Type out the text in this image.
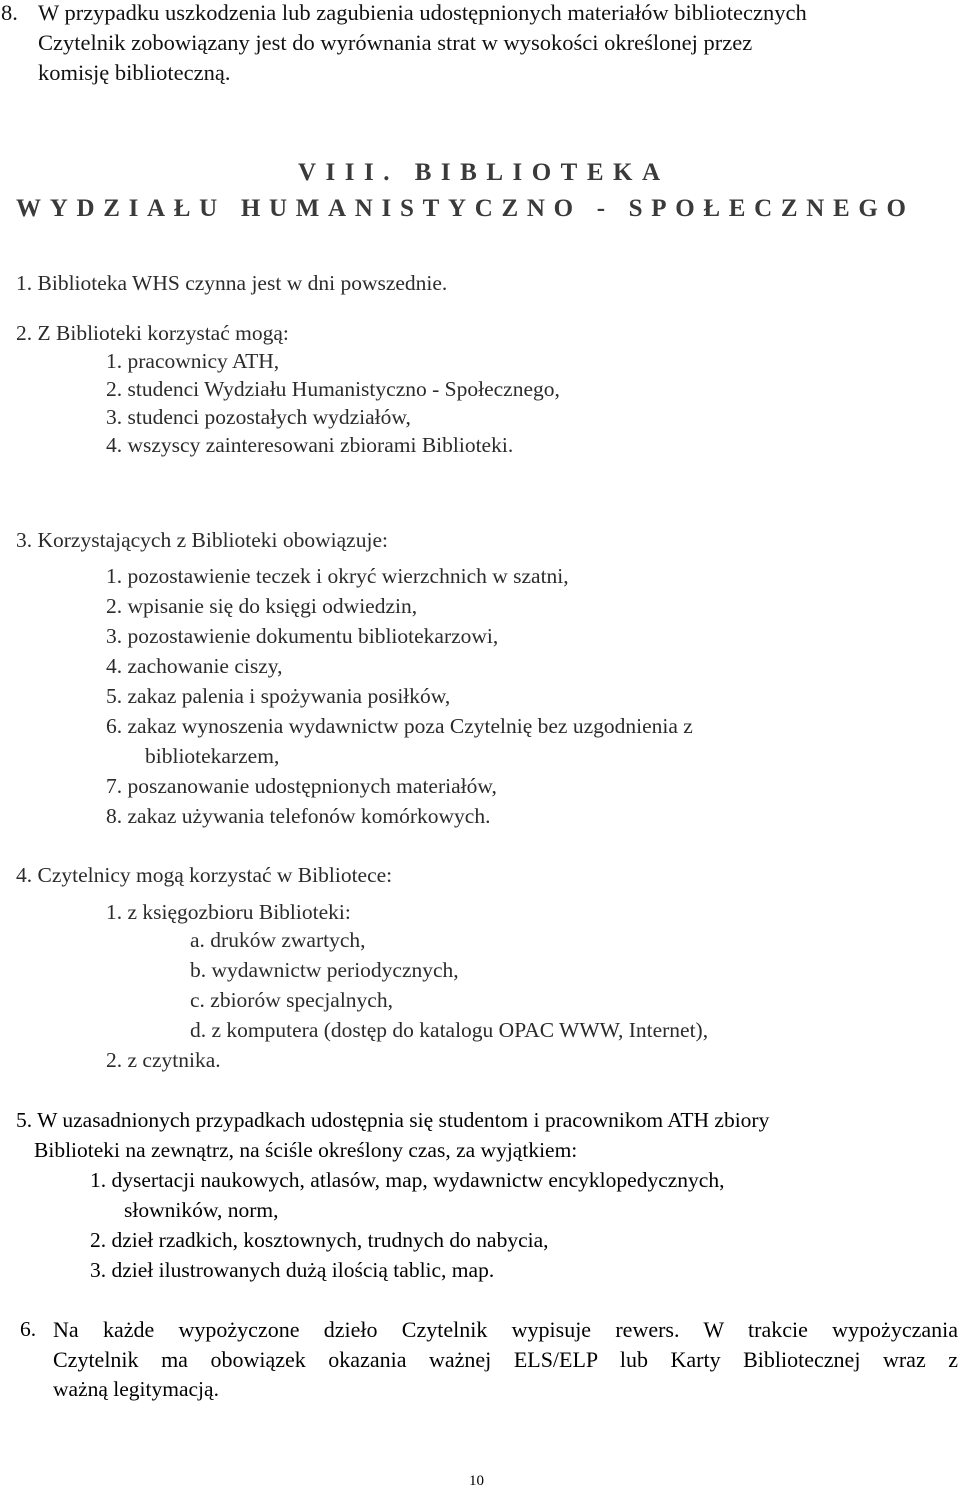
8. W przypadku uszkodzenia lub zagubienia udostępnionych materiałów bibliotecznych
Czytelnik zobowiązany jest do wyrównania strat w wysokości określonej przez
komisję biblioteczną.
VIII. BIBLIOTEKA
WYDZIAŁU HUMANISTYCZNO - SPOŁECZNEGO
1. Biblioteka WHS czynna jest w dni powszednie.
2. Z Biblioteki korzystać mogą:
1. pracownicy ATH,
2. studenci Wydziału Humanistyczno - Społecznego,
3. studenci pozostałych wydziałów,
4. wszyscy zainteresowani zbiorami Biblioteki.
3. Korzystających z Biblioteki obowiązuje:
1. pozostawienie teczek i okryć wierzchnich w szatni,
2. wpisanie się do księgi odwiedzin,
3. pozostawienie dokumentu bibliotekarzowi,
4. zachowanie ciszy,
5. zakaz palenia i spożywania posiłków,
6. zakaz wynoszenia wydawnictw poza Czytelnię bez uzgodnienia z
bibliotekarzem,
7. poszanowanie udostępnionych materiałów,
8. zakaz używania telefonów komórkowych.
4. Czytelnicy mogą korzystać w Bibliotece:
1. z księgozbioru Biblioteki:
a. druków zwartych,
b. wydawnictw periodycznych,
c. zbiorów specjalnych,
d. z komputera (dostęp do katalogu OPAC WWW, Internet),
2. z czytnika.
5. W uzasadnionych przypadkach udostępnia się studentom i pracownikom ATH zbiory
Biblioteki na zewnątrz, na ściśle określony czas, za wyjątkiem:
1. dysertacji naukowych, atlasów, map, wydawnictw encyklopedycznych,
słowników, norm,
2. dzieł rzadkich, kosztownych, trudnych do nabycia,
3. dzieł ilustrowanych dużą ilością tablic, map.
6. Na każde wypożyczone dzieło Czytelnik wypisuje rewers. W trakcie wypożyczania
Czytelnik ma obowiązek okazania ważnej ELS/ELP lub Karty Bibliotecznej wraz z
ważną legitymacją.
10
